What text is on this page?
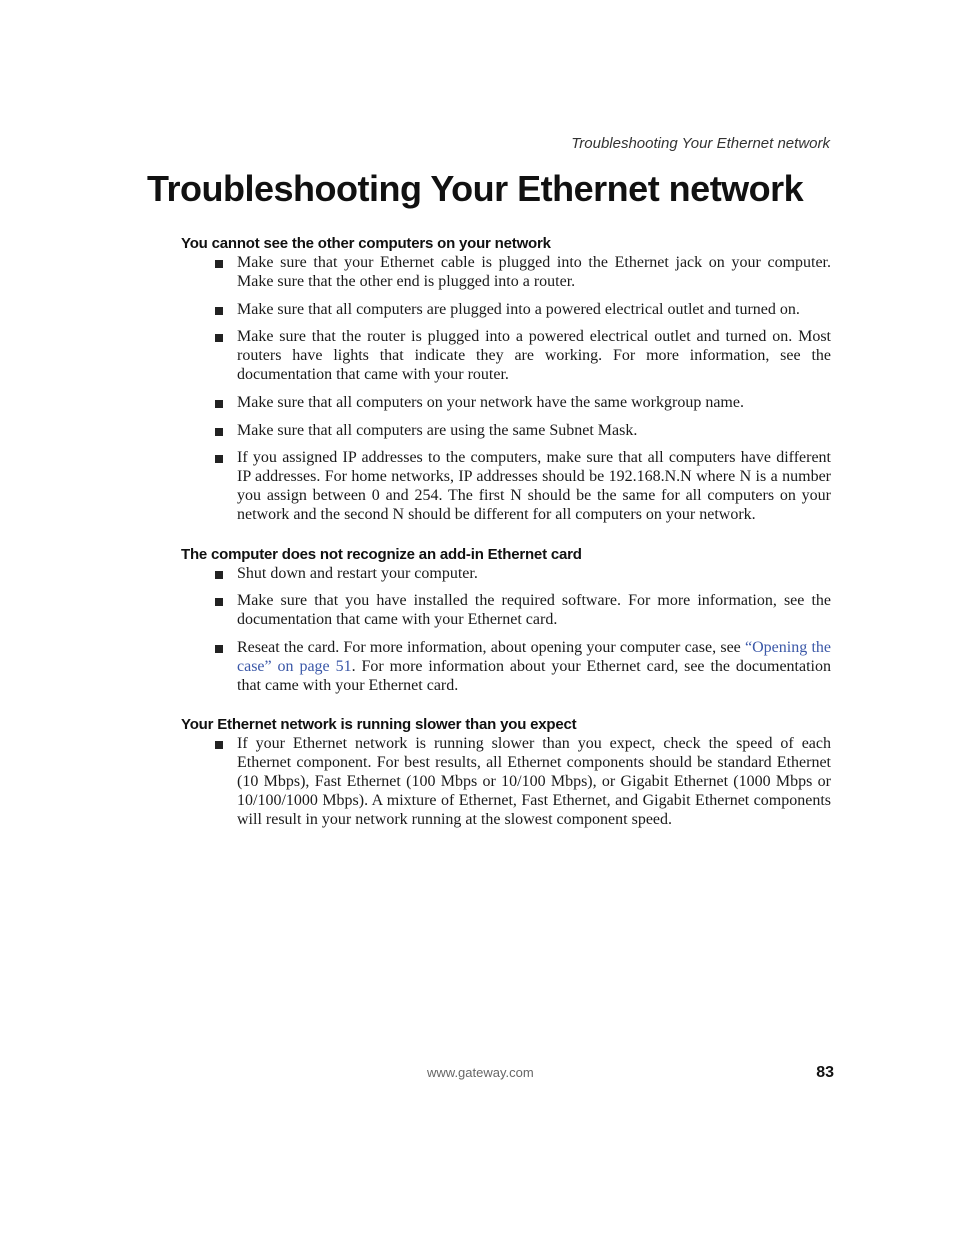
Troubleshooting Your Ethernet network
Troubleshooting Your Ethernet network
You cannot see the other computers on your network
Make sure that your Ethernet cable is plugged into the Ethernet jack on your computer. Make sure that the other end is plugged into a router.
Make sure that all computers are plugged into a powered electrical outlet and turned on.
Make sure that the router is plugged into a powered electrical outlet and turned on. Most routers have lights that indicate they are working. For more information, see the documentation that came with your router.
Make sure that all computers on your network have the same workgroup name.
Make sure that all computers are using the same Subnet Mask.
If you assigned IP addresses to the computers, make sure that all computers have different IP addresses. For home networks, IP addresses should be 192.168.N.N where N is a number you assign between 0 and 254. The first N should be the same for all computers on your network and the second N should be different for all computers on your network.
The computer does not recognize an add-in Ethernet card
Shut down and restart your computer.
Make sure that you have installed the required software. For more information, see the documentation that came with your Ethernet card.
Reseat the card. For more information, about opening your computer case, see “Opening the case” on page 51. For more information about your Ethernet card, see the documentation that came with your Ethernet card.
Your Ethernet network is running slower than you expect
If your Ethernet network is running slower than you expect, check the speed of each Ethernet component. For best results, all Ethernet components should be standard Ethernet (10 Mbps), Fast Ethernet (100 Mbps or 10/100 Mbps), or Gigabit Ethernet (1000 Mbps or 10/100/1000 Mbps). A mixture of Ethernet, Fast Ethernet, and Gigabit Ethernet components will result in your network running at the slowest component speed.
www.gateway.com	83
